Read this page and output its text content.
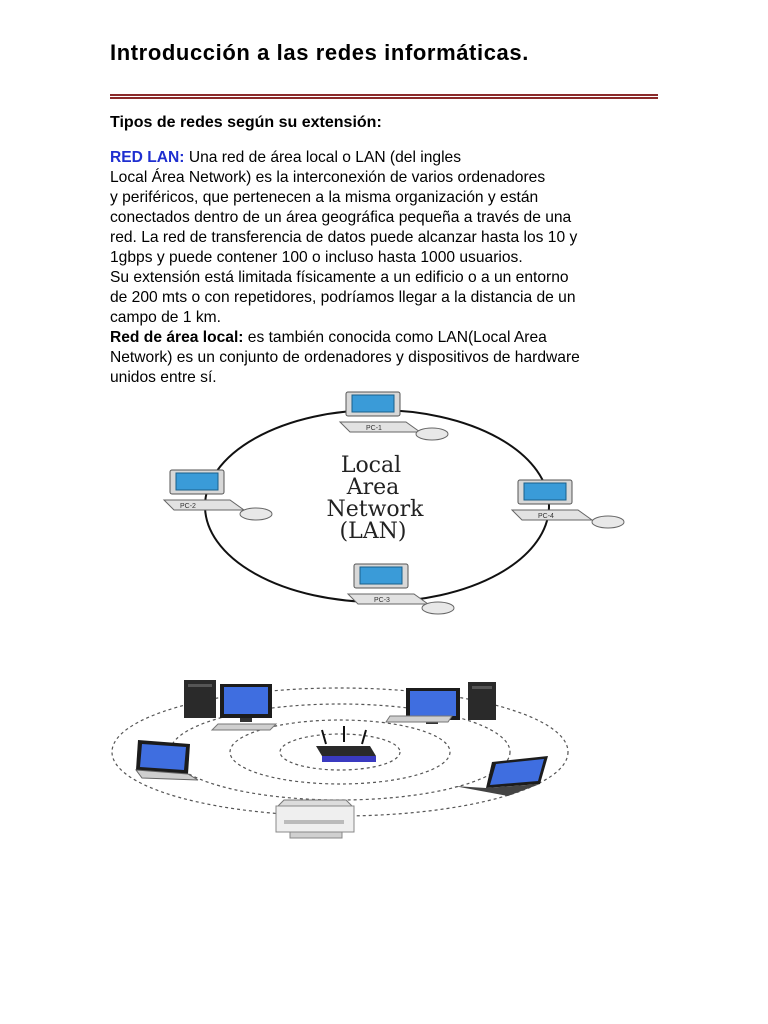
Introducción a las redes informáticas.
Tipos de redes según su extensión:
RED LAN: Una red de área local o LAN (del ingles
Local Área Network) es la interconexión de varios ordenadores
y periféricos, que pertenecen a la misma organización y están
conectados dentro de un área geográfica pequeña a través de una
red. La red de transferencia de datos puede alcanzar hasta los 10 y
1gbps y puede contener 100 o incluso hasta 1000 usuarios.
Su extensión está limitada físicamente a un edificio o a un entorno
de 200 mts o con repetidores, podríamos llegar a la distancia de un
campo de 1 km.
Red de área local: es también conocida como LAN(Local Area
Network) es un conjunto de ordenadores y dispositivos de hardware
unidos entre sí.
Local
Area
Network
(LAN)
PC-1
PC-2
PC-3
PC-4
